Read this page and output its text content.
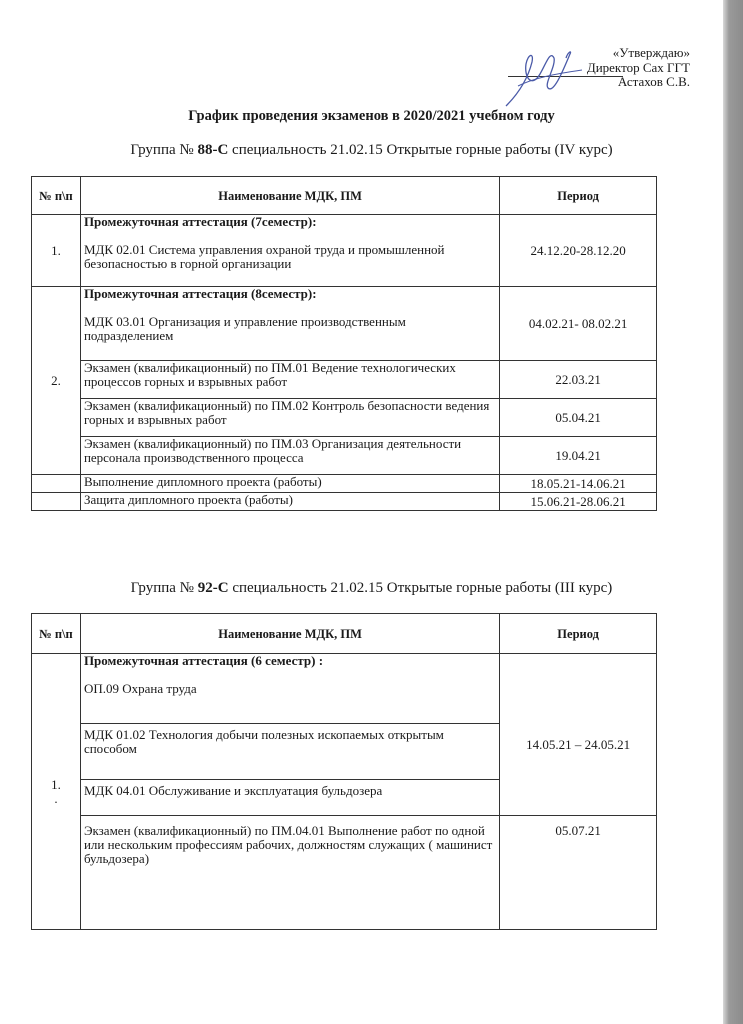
«Утверждаю»
Директор Сах ГГТ
Астахов С.В.
График проведения экзаменов в 2020/2021 учебном году
Группа № 88-С специальность 21.02.15 Открытые горные работы (IV курс)
№ п\п	Наименование МДК, ПМ	Период
1.	Промежуточная аттестация (7семестр):
МДК 02.01 Система управления охраной труда и промышленной безопасностью в горной организации	24.12.20-28.12.20
2.	Промежуточная аттестация (8семестр):
МДК 03.01 Организация и управление производственным подразделением	04.02.21- 08.02.21
	Экзамен (квалификационный) по ПМ.01 Ведение технологических процессов горных и взрывных работ	22.03.21
	Экзамен (квалификационный) по ПМ.02 Контроль безопасности ведения горных и взрывных работ	05.04.21
	Экзамен (квалификационный) по ПМ.03 Организация деятельности персонала производственного процесса	19.04.21
	Выполнение дипломного проекта (работы)	18.05.21-14.06.21
	Защита дипломного проекта (работы)	15.06.21-28.06.21
Группа № 92-С специальность 21.02.15 Открытые горные работы (III курс)
№ п\п	Наименование МДК, ПМ	Период

1.
.	Промежуточная аттестация (6 семестр) :
ОП.09 Охрана труда	14.05.21 – 24.05.21
	МДК 01.02 Технология добычи полезных ископаемых открытым способом	
	МДК 04.01 Обслуживание и эксплуатация бульдозера	
	Экзамен (квалификационный) по ПМ.04.01 Выполнение работ по одной или нескольким профессиям рабочих, должностям служащих ( машинист бульдозера)	05.07.21
